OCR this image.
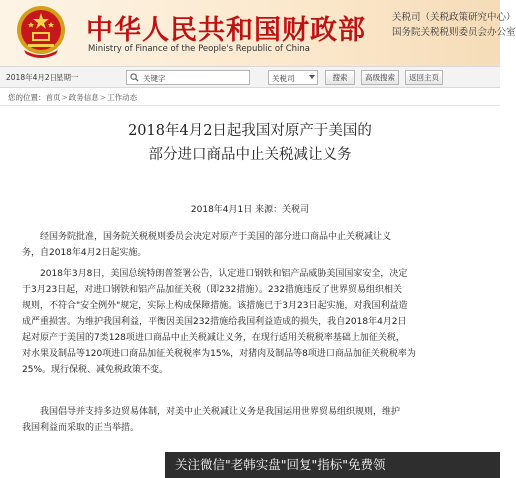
中华人民共和国财政部
Ministry of Finance of the People's Republic of China
关税司（关税政策研究中心）
国务院关税税则委员会办公室
2018年4月2日
星期一
关键字	关税司	搜索	高级搜索	返回主页
您的位置：首页>政务信息>工作动态
2018年4月2日起我国对原产于美国的
部分进口商品中止关税减让义务
2018年4月1日 来源：关税司
经国务院批准，国务院关税税则委员会决定对原产于美国的部分进口商品中止关税减让义
务，自2018年4月2日起实施。
2018年3月8日，美国总统特朗普签署公告，认定进口钢铁和铝产品威胁美国国家安全，决定
于3月23日起，对进口钢铁和铝产品加征关税（即232措施）。232措施违反了世界贸易组织相关
规则，不符合"安全例外"规定，实际上构成保障措施。该措施已于3月23日起实施，对我国利益造
成严重损害。为维护我国利益，平衡因美国232措施给我国利益造成的损失，我自2018年4月2日
起对原产于美国的7类128项进口商品中止关税减让义务，在现行适用关税税率基础上加征关税，
对水果及制品等120项进口商品加征关税税率为15%，对猪肉及制品等8项进口商品加征关税税率为
25%。现行保税、减免税政策不变。
我国倡导并支持多边贸易体制，对美中止关税减让义务是我国运用世界贸易组织规则，维护
我国利益而采取的正当举措。
关注微信"老韩实盘"回复"指标"免费领
